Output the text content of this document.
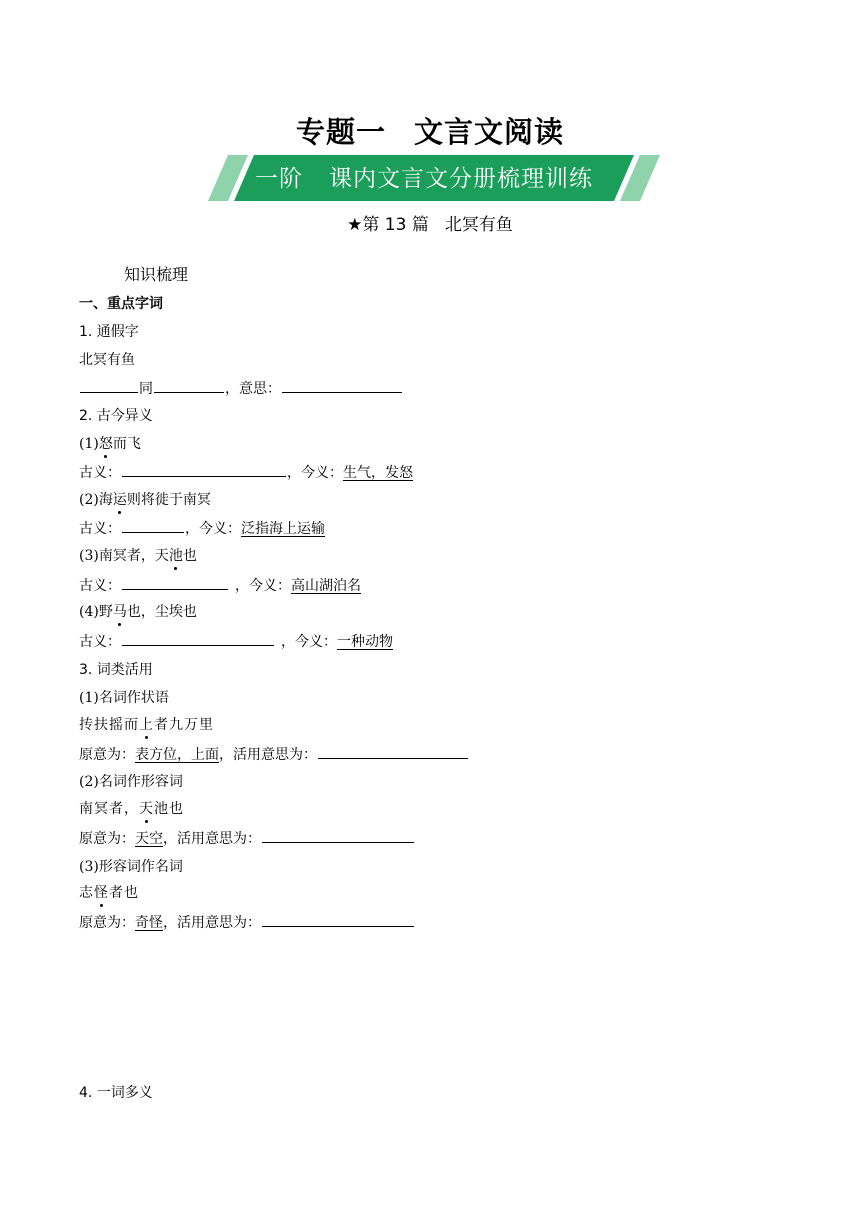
专题一 文言文阅读
一阶 课内文言文分册梳理训练
★第 13 篇 北冥有鱼
知识梳理
一、重点字词
1. 通假字
北冥有鱼
同	，意思：
2. 古今异义
(1)怒而飞
古义：	，今义：生气，发怒
(2)海运则将徙于南冥
古义：	，今义：泛指海上运输
(3)南冥者，天池也
古义：	，今义：高山湖泊名
(4)野马也，尘埃也
古义：	，今义：一种动物
3. 词类活用
(1)名词作状语
抟扶摇而上者九万里
原意为：表方位，上面，活用意思为：
(2)名词作形容词
南冥者，天池也
原意为：天空，活用意思为：
(3)形容词作名词
志怪者也
原意为：奇怪，活用意思为：
4. 一词多义
